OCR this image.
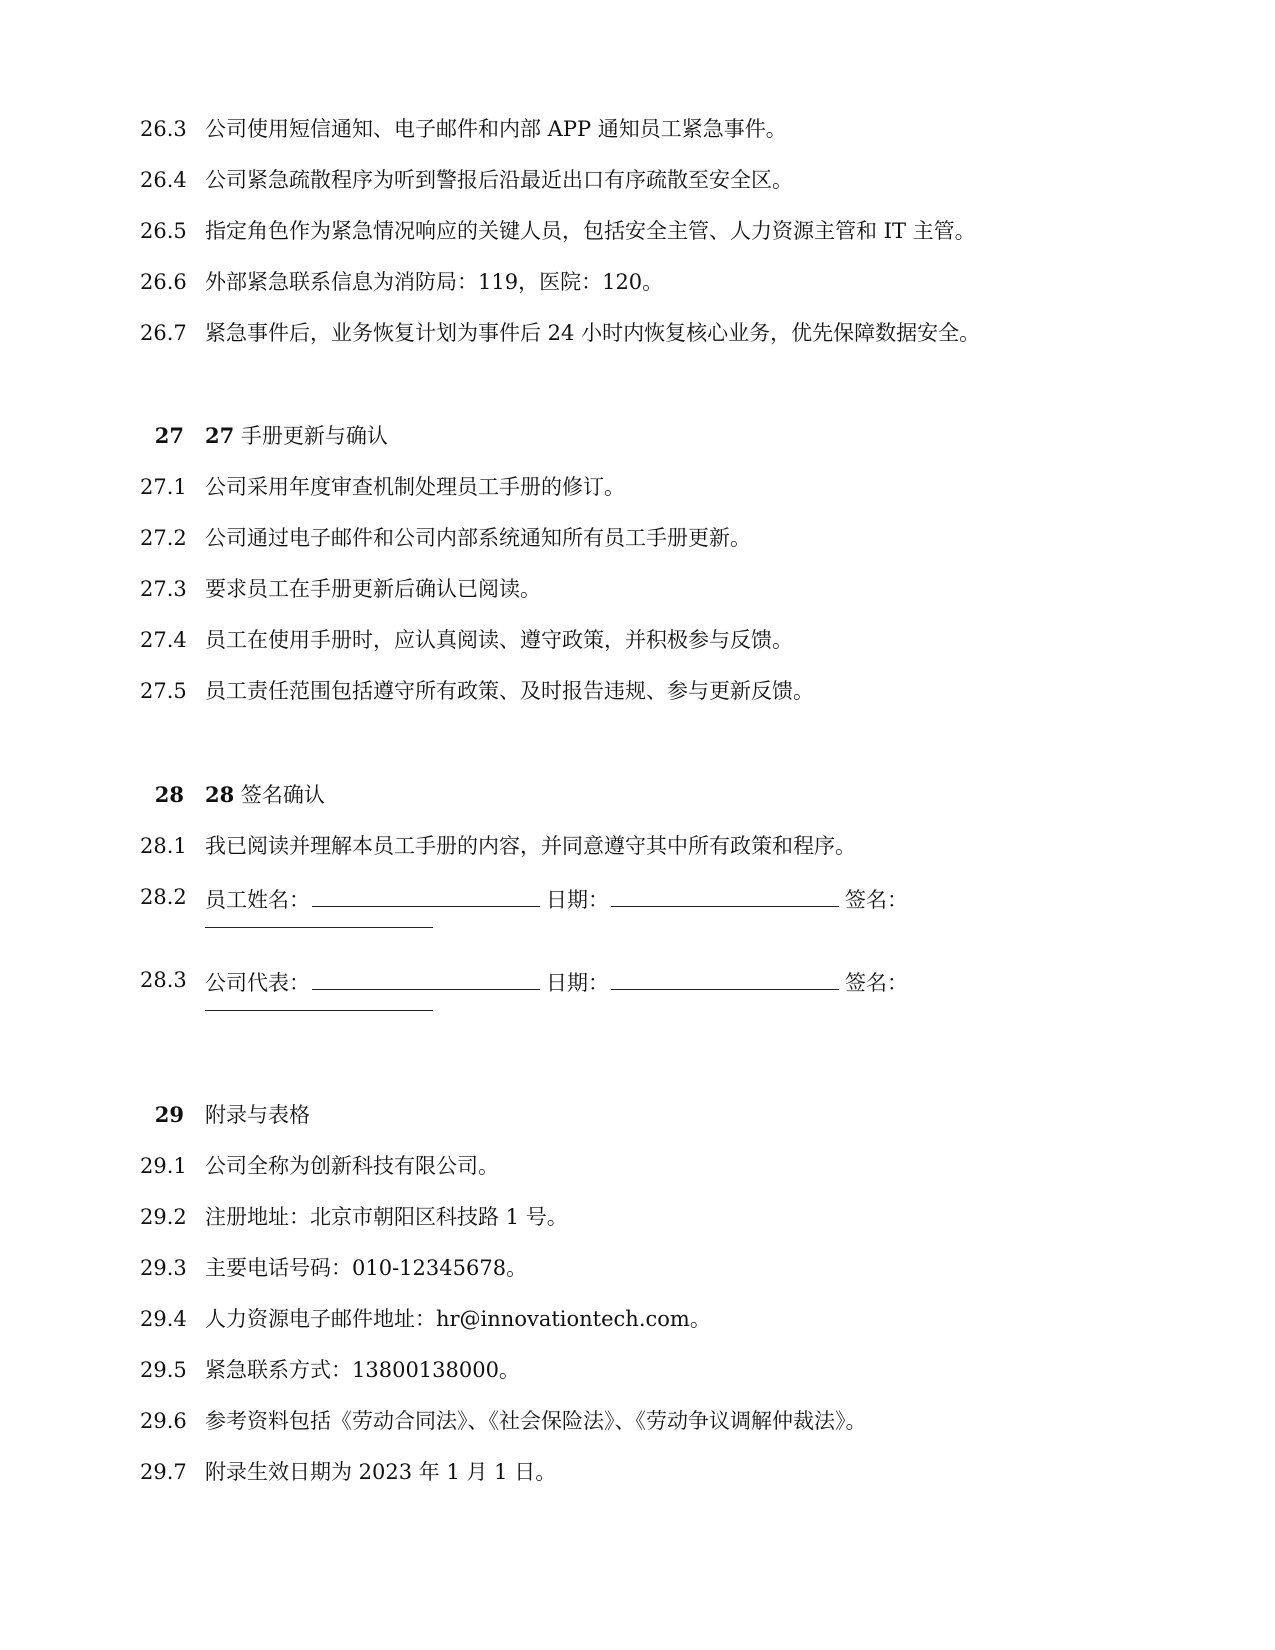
26.3 公司使用短信通知、电子邮件和内部 APP 通知员工紧急事件。
26.4 公司紧急疏散程序为听到警报后沿最近出口有序疏散至安全区。
26.5 指定角色作为紧急情况响应的关键人员，包括安全主管、人力资源主管和 IT 主管。
26.6 外部紧急联系信息为消防局：119，医院：120。
26.7 紧急事件后，业务恢复计划为事件后 24 小时内恢复核心业务，优先保障数据安全。
27 27 手册更新与确认
27.1 公司采用年度审查机制处理员工手册的修订。
27.2 公司通过电子邮件和公司内部系统通知所有员工手册更新。
27.3 要求员工在手册更新后确认已阅读。
27.4 员工在使用手册时，应认真阅读、遵守政策，并积极参与反馈。
27.5 员工责任范围包括遵守所有政策、及时报告违规、参与更新反馈。
28 28 签名确认
28.1 我已阅读并理解本员工手册的内容，并同意遵守其中所有政策和程序。
28.2 员工姓名：	日期：	签名：
28.3 公司代表：	日期：	签名：
29 附录与表格
29.1 公司全称为创新科技有限公司。
29.2 注册地址：北京市朝阳区科技路 1 号。
29.3 主要电话号码：010-12345678。
29.4 人力资源电子邮件地址：hr@innovationtech.com。
29.5 紧急联系方式：13800138000。
29.6 参考资料包括《劳动合同法》、《社会保险法》、《劳动争议调解仲裁法》。
29.7 附录生效日期为 2023 年 1 月 1 日。
